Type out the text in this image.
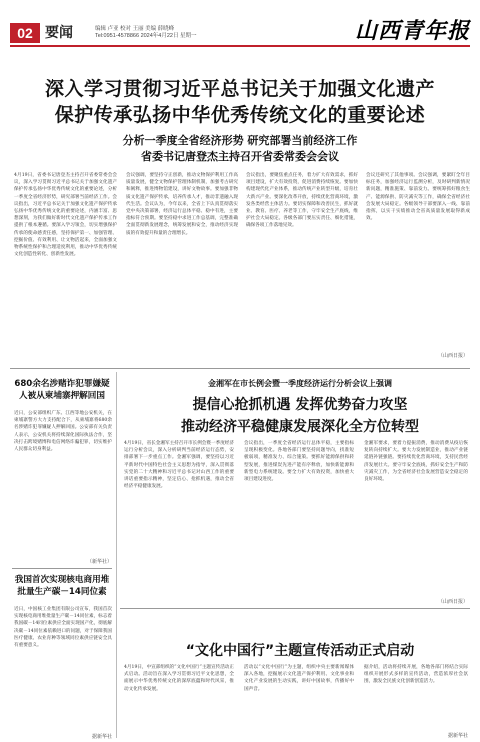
02 要闻	编辑 卢亚 校对 王丽 美编 薛晓峰
Tel:0951-4578866 2024年4月22日 星期一	山西青年报
深入学习贯彻习近平总书记关于加强文化遗产
保护传承弘扬中华优秀传统文化的重要论述
分析一季度全省经济形势 研究部署当前经济工作
省委书记唐登杰主持召开省委常委会会议

4月19日，省委书记唐登杰主持召开省委常委会会议，深入学习贯彻习近平总书记关于加强文化遗产保护传承弘扬中华优秀传统文化的重要论述，分析一季度全省经济形势，研究部署当前经济工作。会议指出，习近平总书记关于加强文化遗产保护传承弘扬中华优秀传统文化的重要论述，内涵丰富、思想深刻，为我们做好新时代文化遗产保护传承工作提供了根本遵循。要深入学习领会，切实增强保护传承的使命感责任感，坚持保护第一、加强管理、挖掘价值、有效利用、让文物活起来，全面加强文物系统性保护和合理适度利用，推动中华优秀传统文化创造性转化、创新性发展。

会议强调，要坚持守正创新，推动文物保护利用工作高质量发展，健全文物保护管理体制机制，加强考古研究和阐释，推进博物馆建设，讲好文物故事。要加强非物质文化遗产保护传承，培养传承人才，推动非遗融入现代生活。会议认为，今年以来，全省上下认真贯彻落实党中央决策部署，经济运行总体平稳、稳中有进，主要指标符合预期。要坚持稳中求进工作总基调，完整准确全面贯彻新发展理念，统筹发展和安全，推动经济实现质的有效提升和量的合理增长。

会议指出，要聚焦重点任务，着力扩大有效需求，抓好项目建设，扩大有效投资，促进消费持续恢复。要加快构建现代化产业体系，推动传统产业转型升级，培育壮大新兴产业。要深化改革开放，持续优化营商环境，激发各类经营主体活力。要切实保障和改善民生，抓好就业、教育、医疗、养老等工作，守牢安全生产底线，维护社会大局稳定。各级各部门要压实责任、细化措施，确保各项工作落地见效。

会议还研究了其他事项。会议强调，要紧盯全年目标任务，加强经济运行监测分析，及时研判新情况新问题，精准施策、靠前发力。要统筹抓好粮食生产、能源保供、防灾减灾等工作，确保全省经济社会发展大局稳定。各级领导干部要深入一线、靠前指挥，以实干实绩推动全省高质量发展取得新成效。

（山西日报）
680余名涉赌诈犯罪嫌疑人被从柬埔寨押解回国

近日，公安部组织广东、江西等地公安机关，在柬埔寨警方大力支持配合下，从柬埔寨将680余名涉赌诈犯罪嫌疑人押解回国。公安部有关负责人表示，公安机关将持续深化国际执法合作，坚决打击跨境赌博和电信网络诈骗犯罪，切实维护人民群众切身利益。

（新华社）
我国首次实现核电商用堆批量生产碳－14同位素

近日，中国核工业集团有限公司宣布，我国首次实现核电商用堆批量生产碳－14同位素，标志着我国碳－14同位素供应全面实现国产化，彻底解决碳－14同位素依赖进口的问题，对于保障我国医疗健康、农业育种等领域同位素供应链安全具有重要意义。

据新华社
金湘军在市长例会暨一季度经济运行分析会议上强调
提信心抢抓机遇 发挥优势奋力攻坚
推动经济平稳健康发展深化全方位转型

4月19日，省长金湘军主持召开市长例会暨一季度经济运行分析会议，深入分析研判当前经济运行态势，安排部署下一步重点工作。金湘军强调，要坚持以习近平新时代中国特色社会主义思想为指导，深入贯彻落实党的二十大精神和习近平总书记对山西工作的重要讲话重要指示精神，坚定信心、抢抓机遇，推动全省经济平稳健康发展。

会议指出，一季度全省经济运行总体平稳，主要指标呈现积极变化。各地各部门要坚持问题导向，找准短板弱项，精准发力、综合施策。要抓好能源保供和转型发展，推进煤炭先进产能有序释放，加快新能源和新型电力系统建设。要全力扩大有效投资，加快重大项目建设进度。

金湘军要求，要着力提振消费，推动消费从疫后恢复转向持续扩大。要大力发展制造业，推动产业链延链补链强链。要持续优化营商环境，支持民营经济发展壮大。要守牢安全底线，抓好安全生产和防灾减灾工作，为全省经济社会发展营造安全稳定的良好环境。

（山西日报）
“文化中国行”主题宣传活动正式启动

4月19日，中宣部组织的“文化中国行”主题宣传活动正式启动。活动旨在深入学习贯彻习近平文化思想，全面展示中华优秀传统文化的深厚底蕴和时代风采，推动文化传承发展。

活动以“文化中国行”为主题，组织中央主要新闻媒体深入各地，挖掘展示文化遗产保护利用、文化事业和文化产业发展的生动实践，讲好中国故事，传播好中国声音。

据介绍，活动将持续开展，各地各部门将结合实际组织开展形式多样的宣传活动，营造浓厚社会氛围，激发全民族文化创新创造活力。

据新华社
